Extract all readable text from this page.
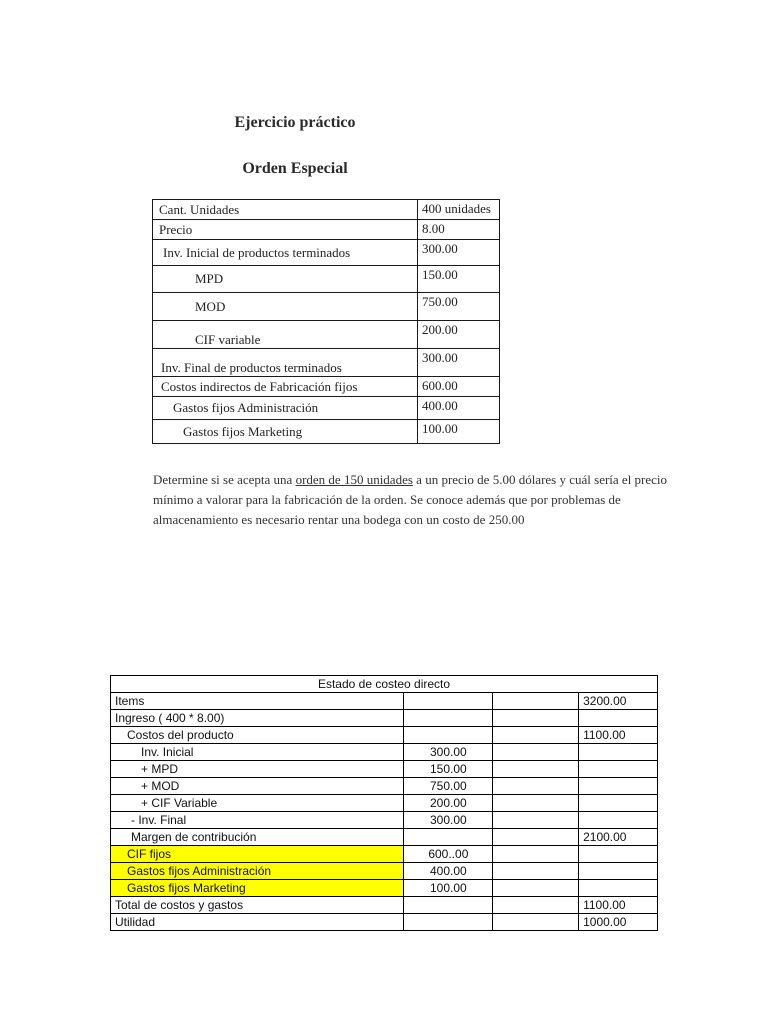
Ejercicio práctico
Orden Especial
Cant. Unidades	400 unidades
Precio	8.00
Inv. Inicial de productos terminados	300.00
MPD	150.00
MOD	750.00
CIF variable	200.00
Inv. Final de productos terminados	300.00
Costos indirectos de Fabricación fijos	600.00
Gastos fijos Administración	400.00
Gastos fijos Marketing	100.00
Determine si se acepta una orden de 150 unidades a un precio de 5.00 dólares y cuál sería el precio mínimo a valorar para la fabricación de la orden. Se conoce además que por problemas de almacenamiento es necesario rentar una bodega con un costo de 250.00
Estado de costeo directo			
Items			3200.00
Ingreso ( 400 * 8.00)			
Costos del producto			1100.00
Inv. Inicial	300.00		
+ MPD	150.00		
+ MOD	750.00		
+ CIF Variable	200.00		
- Inv. Final	300.00		
Margen de contribución			2100.00
CIF fijos	600..00		
Gastos fijos Administración	400.00		
Gastos fijos Marketing	100.00		
Total de costos y gastos			1100.00
Utilidad			1000.00
